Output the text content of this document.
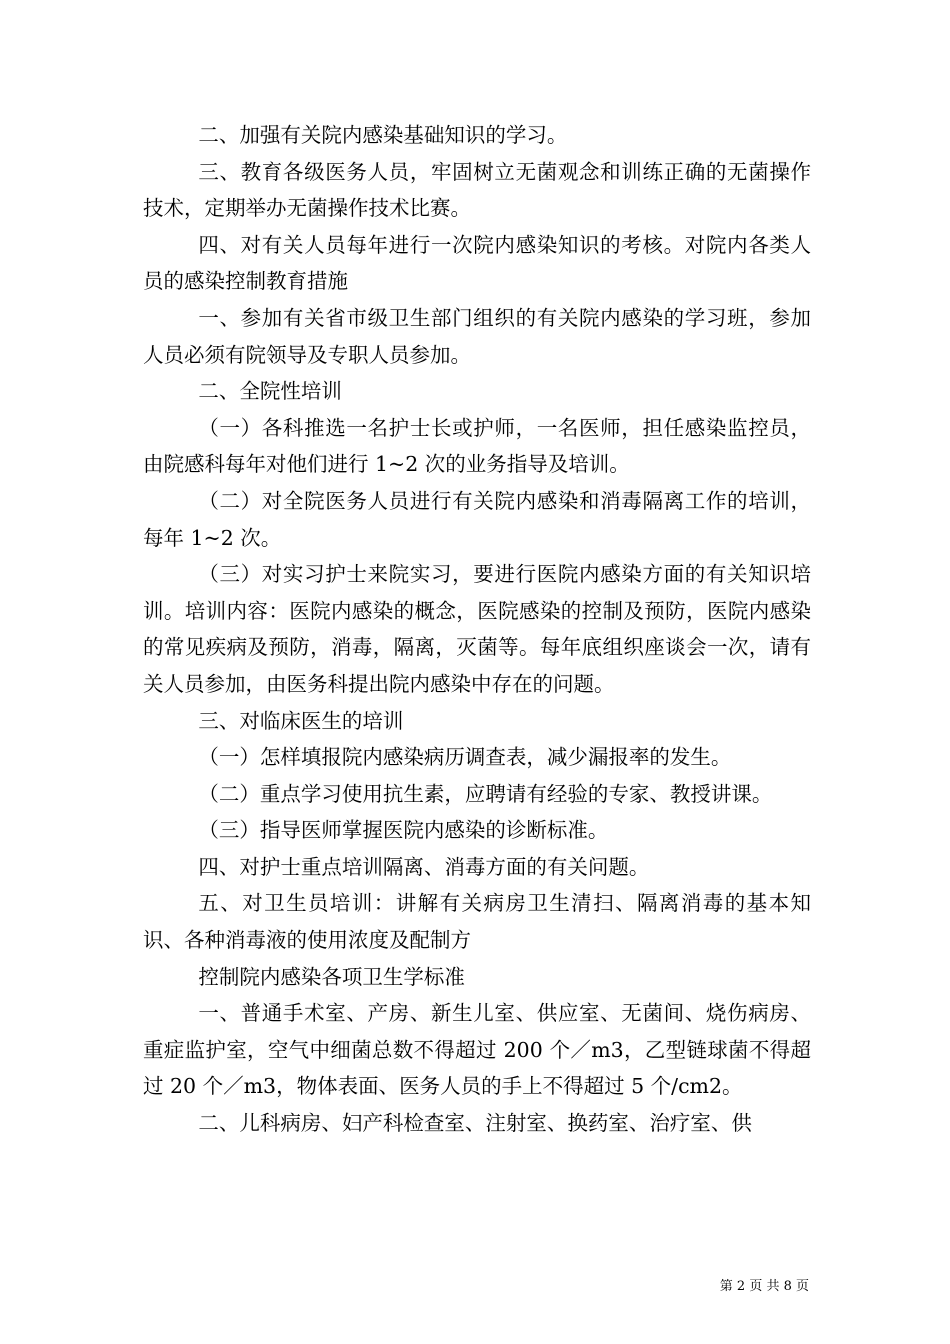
二、加强有关院内感染基础知识的学习。

三、教育各级医务人员，牢固树立无菌观念和训练正确的无菌操作技术，定期举办无菌操作技术比赛。

四、对有关人员每年进行一次院内感染知识的考核。对院内各类人员的感染控制教育措施

一、参加有关省市级卫生部门组织的有关院内感染的学习班，参加人员必须有院领导及专职人员参加。

二、全院性培训

（一）各科推选一名护士长或护师，一名医师，担任感染监控员，由院感科每年对他们进行 1~2 次的业务指导及培训。

（二）对全院医务人员进行有关院内感染和消毒隔离工作的培训，每年 1~2 次。

（三）对实习护士来院实习，要进行医院内感染方面的有关知识培训。培训内容：医院内感染的概念，医院感染的控制及预防，医院内感染的常见疾病及预防，消毒，隔离，灭菌等。每年底组织座谈会一次，请有关人员参加，由医务科提出院内感染中存在的问题。

三、对临床医生的培训

（一）怎样填报院内感染病历调查表，减少漏报率的发生。

（二）重点学习使用抗生素，应聘请有经验的专家、教授讲课。

（三）指导医师掌握医院内感染的诊断标准。

四、对护士重点培训隔离、消毒方面的有关问题。

五、对卫生员培训：讲解有关病房卫生清扫、隔离消毒的基本知识、各种消毒液的使用浓度及配制方

控制院内感染各项卫生学标准

一、普通手术室、产房、新生儿室、供应室、无菌间、烧伤病房、重症监护室，空气中细菌总数不得超过 200 个／m3，乙型链球菌不得超过 20 个／m3，物体表面、医务人员的手上不得超过 5 个/cm2。

二、儿科病房、妇产科检查室、注射室、换药室、治疗室、供

第 2 页 共 8 页
